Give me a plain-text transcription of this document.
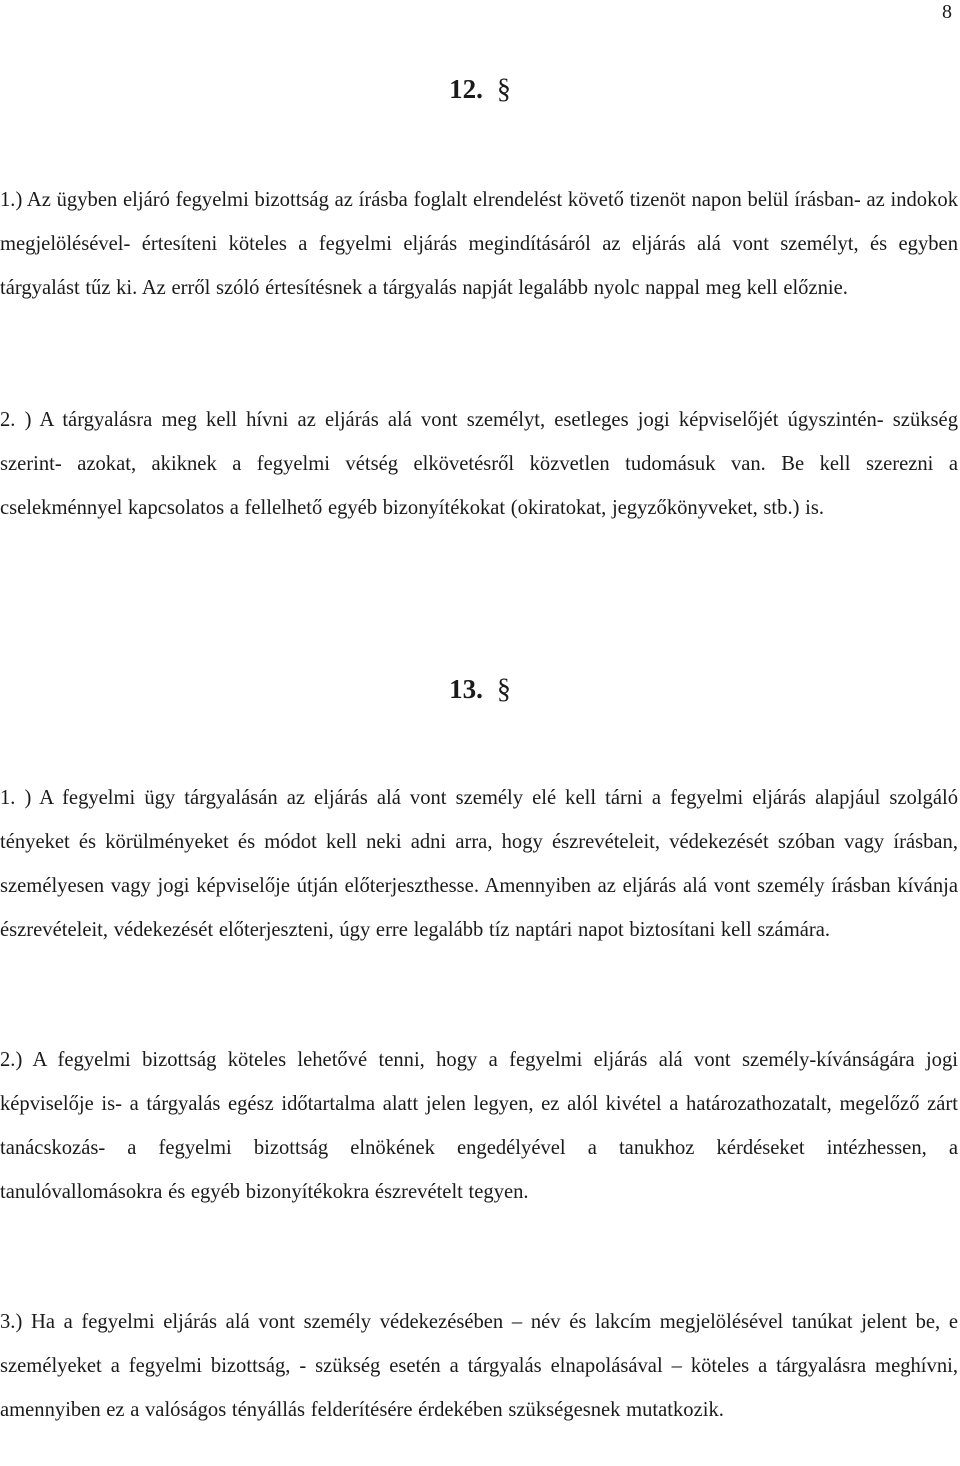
8
12. §

1.) Az ügyben eljáró fegyelmi bizottság az írásba foglalt elrendelést követő tizenöt napon belül írásban- az indokok megjelölésével- értesíteni köteles a fegyelmi eljárás megindításáról az eljárás alá vont személyt, és egyben tárgyalást tűz ki. Az erről szóló értesítésnek a tárgyalás napját legalább nyolc nappal meg kell előznie.

2. ) A tárgyalásra meg kell hívni az eljárás alá vont személyt, esetleges jogi képviselőjét úgyszintén- szükség szerint- azokat, akiknek a fegyelmi vétség elkövetésről közvetlen tudomásuk van. Be kell szerezni a cselekménnyel kapcsolatos a fellelhető egyéb bizonyítékokat (okiratokat, jegyzőkönyveket, stb.) is.

13. §

1. ) A fegyelmi ügy tárgyalásán az eljárás alá vont személy elé kell tárni a fegyelmi eljárás alapjául szolgáló tényeket és körülményeket és módot kell neki adni arra, hogy észrevételeit, védekezését szóban vagy írásban, személyesen vagy jogi képviselője útján előterjeszthesse. Amennyiben az eljárás alá vont személy írásban kívánja észrevételeit, védekezését előterjeszteni, úgy erre legalább tíz naptári napot biztosítani kell számára.

2.) A fegyelmi bizottság köteles lehetővé tenni, hogy a fegyelmi eljárás alá vont személy-kívánságára jogi képviselője is- a tárgyalás egész időtartalma alatt jelen legyen, ez alól kivétel a határozathozatalt, megelőző zárt tanácskozás- a fegyelmi bizottság elnökének engedélyével a tanukhoz kérdéseket intézhessen, a tanulóvallomásokra és egyéb bizonyítékokra észrevételt tegyen.

3.) Ha a fegyelmi eljárás alá vont személy védekezésében – név és lakcím megjelölésével tanúkat jelent be, e személyeket a fegyelmi bizottság, - szükség esetén a tárgyalás elnapolásával – köteles a tárgyalásra meghívni, amennyiben ez a valóságos tényállás felderítésére érdekében szükségesnek mutatkozik.
